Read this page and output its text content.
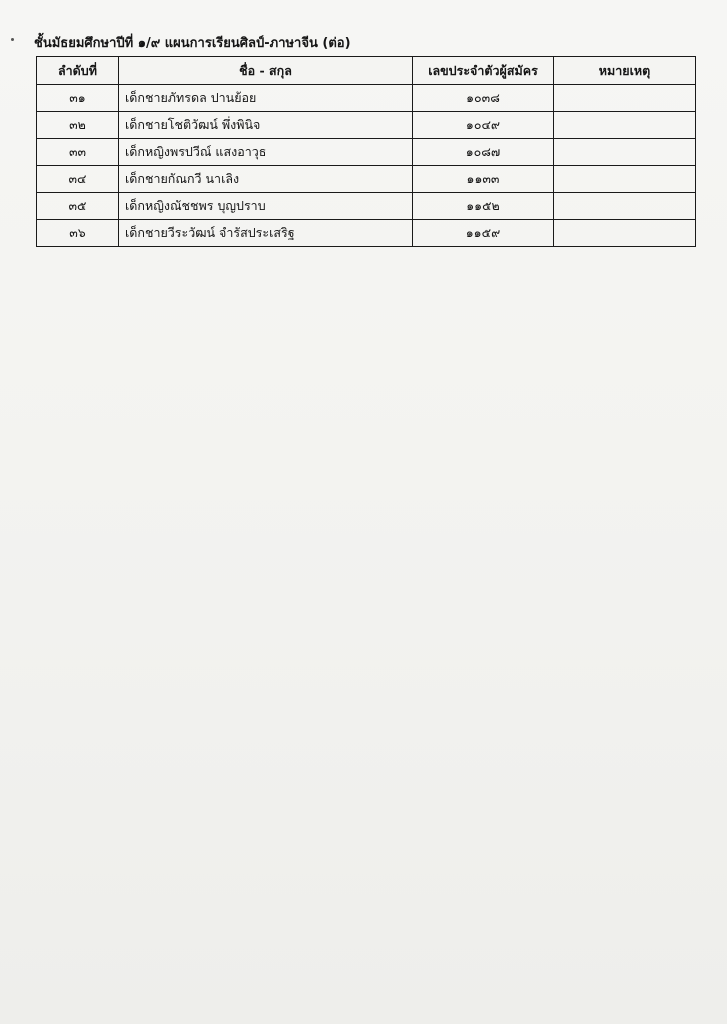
ชั้นมัธยมศึกษาปีที่ ๑/๙ แผนการเรียนศิลป์-ภาษาจีน (ต่อ)
ลำดับที่	ชื่อ - สกุล	เลขประจำตัวผู้สมัคร	หมายเหตุ
๓๑	เด็กชายภัทรดล ปานย้อย	๑๐๓๘	
๓๒	เด็กชายโชติวัฒน์ พึ่งพินิจ	๑๐๔๙	
๓๓	เด็กหญิงพรปวีณ์ แสงอาวุธ	๑๐๘๗	
๓๔	เด็กชายกัณกวี นาเลิง	๑๑๓๓	
๓๕	เด็กหญิงณัชชพร บุญปราบ	๑๑๕๒	
๓๖	เด็กชายวีระวัฒน์ จำรัสประเสริฐ	๑๑๕๙	
